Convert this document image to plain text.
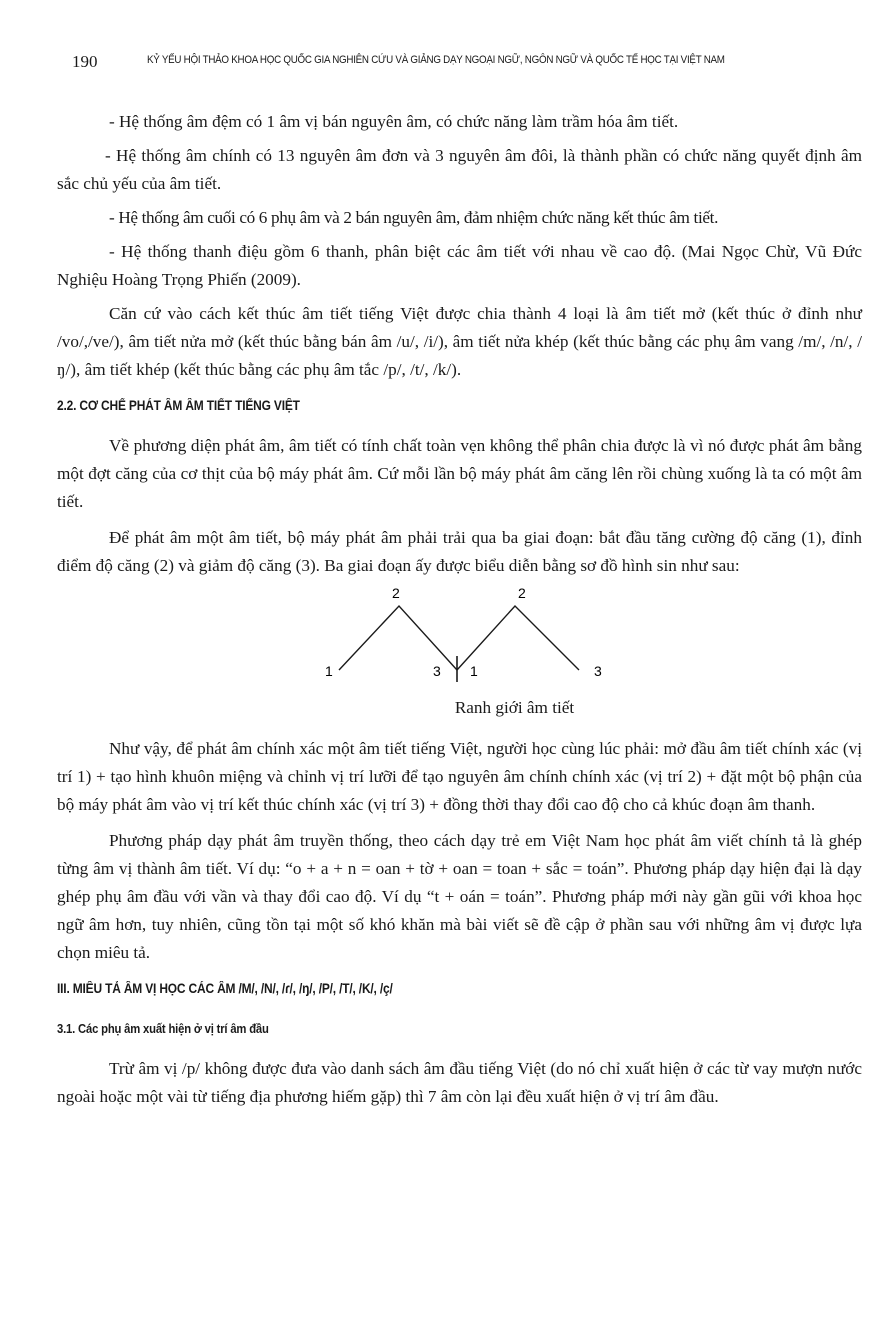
190	KỶ YẾU HỘI THẢO KHOA HỌC QUỐC GIA NGHIÊN CỨU VÀ GIẢNG DẠY NGOẠI NGỮ, NGÔN NGỮ VÀ QUỐC TẾ HỌC TẠI VIỆT NAM

- Hệ thống âm đệm có 1 âm vị bán nguyên âm, có chức năng làm trầm hóa âm tiết.

- Hệ thống âm chính có 13 nguyên âm đơn và 3 nguyên âm đôi, là thành phần có chức năng quyết định âm sắc chủ yếu của âm tiết.

- Hệ thống âm cuối có 6 phụ âm và 2 bán nguyên âm, đảm nhiệm chức năng kết thúc âm tiết.

- Hệ thống thanh điệu gồm 6 thanh, phân biệt các âm tiết với nhau về cao độ. (Mai Ngọc Chừ, Vũ Đức Nghiệu Hoàng Trọng Phiến (2009).

Căn cứ vào cách kết thúc âm tiết tiếng Việt được chia thành 4 loại là âm tiết mở (kết thúc ở đỉnh như /vo/,/ve/), âm tiết nửa mở (kết thúc bằng bán âm /u/, /i/), âm tiết nửa khép (kết thúc bằng các phụ âm vang /m/, /n/, /ŋ/), âm tiết khép (kết thúc bằng các phụ âm tắc /p/, /t/, /k/).

2.2. CƠ CHẾ PHÁT ÂM ÂM TIẾT TIẾNG VIỆT

Về phương diện phát âm, âm tiết có tính chất toàn vẹn không thể phân chia được là vì nó được phát âm bằng một đợt căng của cơ thịt của bộ máy phát âm. Cứ mỗi lần bộ máy phát âm căng lên rồi chùng xuống là ta có một âm tiết.

Để phát âm một âm tiết, bộ máy phát âm phải trải qua ba giai đoạn: bắt đầu tăng cường độ căng (1), đỉnh điểm độ căng (2) và giảm độ căng (3). Ba giai đoạn ấy được biểu diễn bằng sơ đồ hình sin như sau:

2	2
1	3 1	3
Ranh giới âm tiết

Như vậy, để phát âm chính xác một âm tiết tiếng Việt, người học cùng lúc phải: mở đầu âm tiết chính xác (vị trí 1) + tạo hình khuôn miệng và chỉnh vị trí lưỡi để tạo nguyên âm chính chính xác (vị trí 2) + đặt một bộ phận của bộ máy phát âm vào vị trí kết thúc chính xác (vị trí 3) + đồng thời thay đổi cao độ cho cả khúc đoạn âm thanh.

Phương pháp dạy phát âm truyền thống, theo cách dạy trẻ em Việt Nam học phát âm viết chính tả là ghép từng âm vị thành âm tiết. Ví dụ: “o + a + n = oan + tờ + oan = toan + sắc = toán”. Phương pháp dạy hiện đại là dạy ghép phụ âm đầu với vần và thay đổi cao độ. Ví dụ “t + oán = toán”. Phương pháp mới này gần gũi với khoa học ngữ âm hơn, tuy nhiên, cũng tồn tại một số khó khăn mà bài viết sẽ đề cập ở phần sau với những âm vị được lựa chọn miêu tả.

III. MIÊU TẢ ÂM VỊ HỌC CÁC ÂM /M/, /N/, /ɾ/, /ŋ/, /P/, /T/, /K/, /ç/
3.1. Các phụ âm xuất hiện ở vị trí âm đầu

Trừ âm vị /p/ không được đưa vào danh sách âm đầu tiếng Việt (do nó chỉ xuất hiện ở các từ vay mượn nước ngoài hoặc một vài từ tiếng địa phương hiếm gặp) thì 7 âm còn lại đều xuất hiện ở vị trí âm đầu.
